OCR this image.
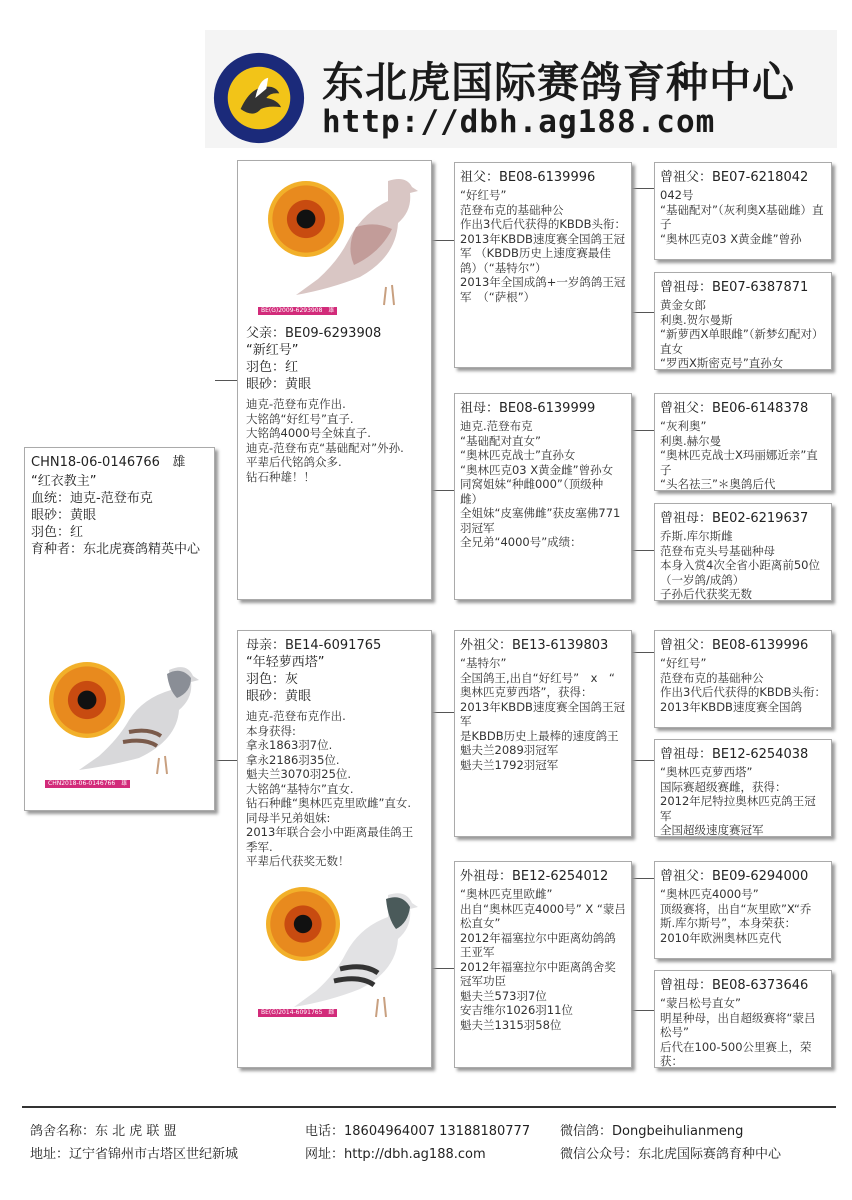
东北虎国际赛鸽育种中心
http://dbh.ag188.com
CHN18-06-0146766 雄
“红衣教主”
血统：迪克-范登布克
眼砂：黄眼
羽色：红
育种者：东北虎赛鸽精英中心
CHN2018-06-0146766　雄
BE(G)2009-6293908　雄
父亲：BE09-6293908
“新红号”
羽色：红
眼砂：黄眼
迪克-范登布克作出.
大铭鸽“好红号”直子.
大铭鸽4000号全妹直子.
迪克-范登布克“基础配对”外孙.
平辈后代铭鸽众多.
钻石种雄！！
母亲：BE14-6091765
“年轻萝西塔”
羽色：灰
眼砂：黄眼
迪克-范登布克作出.
本身获得:
拿永1863羽7位.
拿永2186羽35位.
魁夫兰3070羽25位.
大铭鸽“基特尔”直女.
钻石种雌“奥林匹克里欧雌”直女.
同母半兄弟姐妹:
2013年联合会小中距离最佳鸽王季军.
平辈后代获奖无数！
BE(G)2014-6091765　雌
祖父：BE08-6139996
“好红号”
范登布克的基础种公
作出3代后代获得的KBDB头衔：
2013年KBDB速度赛全国鸽王冠军 （KBDB历史上速度赛最佳鸽）（“基特尔”）
2013年全国成鸽+一岁鸽鸽王冠军　（“萨根”）
祖母：BE08-6139999
迪克.范登布克
“基础配对直女”
“奥林匹克战士”直孙女
“奥林匹克03 X黄金雌”曾孙女
同窝姐妹“种雌000”（顶级种雌）
全姐妹“皮塞佛雌”获皮塞佛771羽冠军
全兄弟“4000号”成绩：
外祖父：BE13-6139803
“基特尔”
全国鸽王,出自“好红号”　x　“ 奥林匹克萝西塔”，获得：
2013年KBDB速度赛全国鸽王冠军
是KBDB历史上最棒的速度鸽王
魁夫兰2089羽冠军
魁夫兰1792羽冠军
外祖母：BE12-6254012
“奥林匹克里欧雌”
出自“奥林匹克4000号” X “蒙吕松直女”
2012年福塞拉尔中距离幼鸽鸽王亚军
2012年福塞拉尔中距离鸽舍奖冠军功臣
魁夫兰573羽7位
安吉维尔1026羽11位
魁夫兰1315羽58位
曾祖父：BE07-6218042
042号
“基础配对”（灰利奥X基础雌）直子
“奥林匹克03 X黄金雌”曾孙
曾祖母：BE07-6387871
黄金女郎
利奥.贺尔曼斯
“新萝西X单眼雌”（新梦幻配对）直女
“罗西X斯密克号”直孙女
曾祖父：BE06-6148378
“灰利奥”
利奥.赫尔曼
“奥林匹克战士X玛丽娜近亲”直子
“头名祛三”＊奥鸽后代
曾祖母：BE02-6219637
乔斯.库尔斯雌
范登布克头号基础种母
本身入赏4次全省小距离前50位（一岁鸽/成鸽）
子孙后代获奖无数
曾祖父：BE08-6139996
“好红号”
范登布克的基础种公
作出3代后代获得的KBDB头衔：
2013年KBDB速度赛全国鸽
曾祖母：BE12-6254038
“奥林匹克萝西塔”
国际赛超级赛雌，获得：
2012年尼特拉奥林匹克鸽王冠军
全国超级速度赛冠军
曾祖父：BE09-6294000
“奥林匹克4000号”
顶级赛将，出自“灰里欧”X“乔斯.库尔斯号”，本身荣获：
2010年欧洲奥林匹克代
曾祖母：BE08-6373646
“蒙吕松号直女”
明星种母，出自超级赛将“蒙吕松号”
后代在100-500公里赛上，荣获：
鸽舍名称：东 北 虎 联 盟
地址：辽宁省锦州市古塔区世纪新城
电话：18604964007 13188180777
网址：http://dbh.ag188.com
微信鸽：Dongbeihulianmeng
微信公众号：东北虎国际赛鸽育种中心
